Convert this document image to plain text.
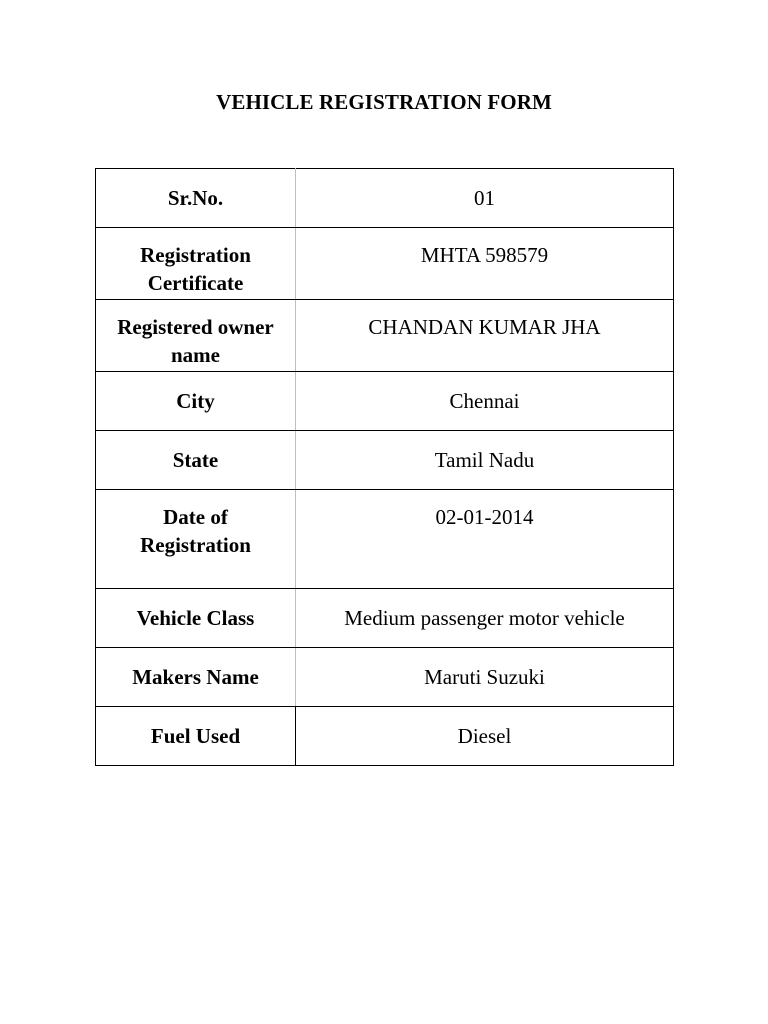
VEHICLE REGISTRATION FORM
Sr.No.	01

Registration Certificate	MHTA 598579

Registered owner name	CHANDAN KUMAR JHA

City	Chennai

State	Tamil Nadu

Date of Registration	02-01-2014

Vehicle Class	Medium passenger motor vehicle

Makers Name	Maruti Suzuki

Fuel Used	Diesel
